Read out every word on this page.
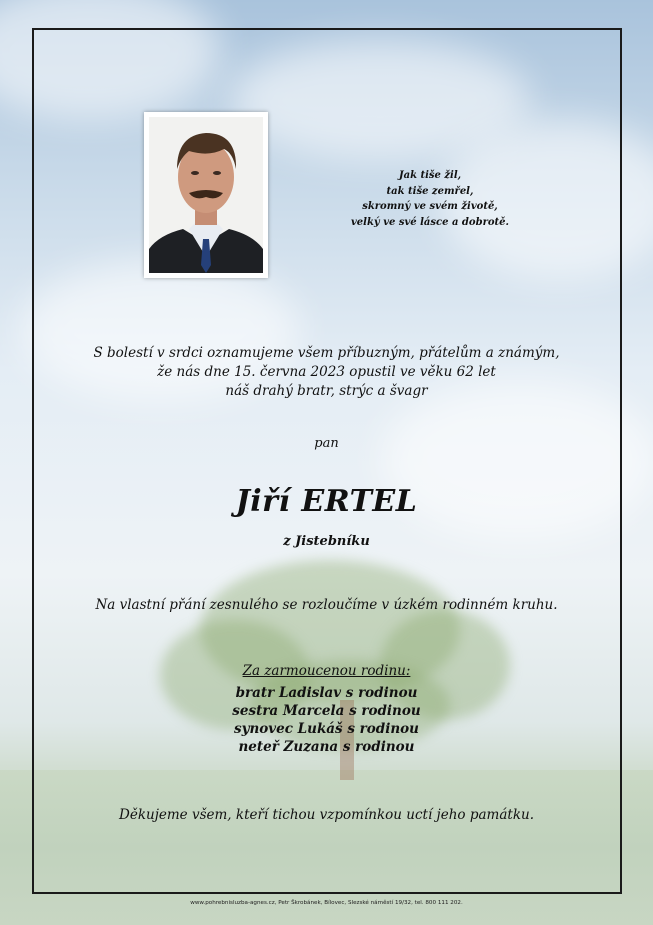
Jak tiše žil,
tak tiše zemřel,
skromný ve svém životě,
velký ve své lásce a dobrotě.
S bolestí v srdci oznamujeme všem příbuzným, přátelům a známým,
že nás dne 15. června 2023 opustil ve věku 62 let
náš drahý bratr, strýc a švagr
pan
Jiří ERTEL
z Jistebníku
Na vlastní přání zesnulého se rozloučíme v úzkém rodinném kruhu.
Za zarmoucenou rodinu:
bratr Ladislav s rodinou
sestra Marcela s rodinou
synovec Lukáš s rodinou
neteř Zuzana s rodinou
Děkujeme všem, kteří tichou vzpomínkou uctí jeho památku.
www.pohrebnisluzba-agnes.cz, Petr Škrobánek, Bílovec, Slezské náměstí 19/32, tel. 800 111 202.
